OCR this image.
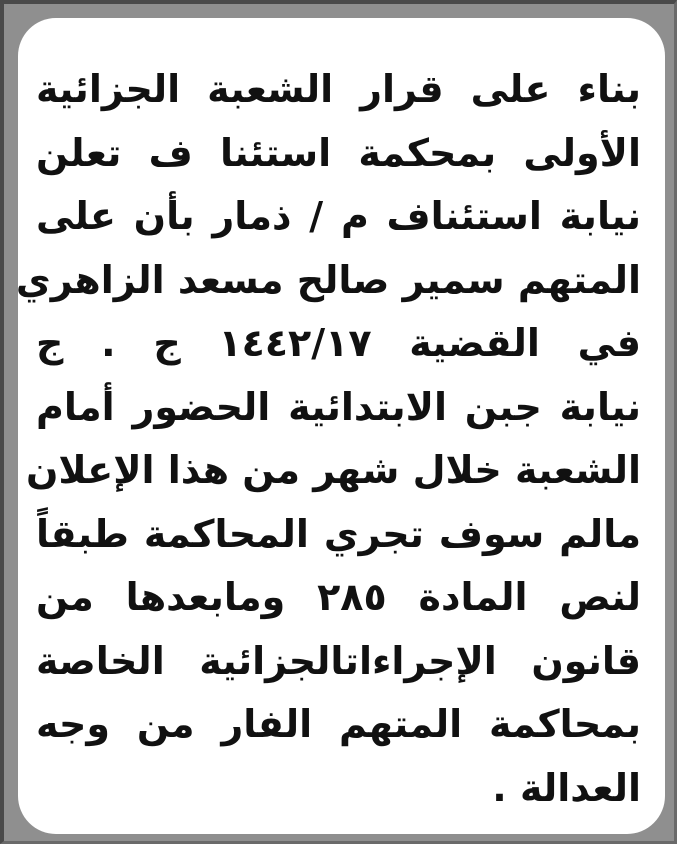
بناء على قرار الشعبة الجزائية
الأولى بمحكمة استئنا ف تعلن
نيابة استئناف م / ذمار بأن على
المتهم سمير صالح مسعد الزاهري
في القضية ١٤٤٢/١٧ ج . ج
نيابة جبن الابتدائية الحضور أمام
الشعبة خلال شهر من هذا الإعلان
مالم سوف تجري المحاكمة طبقاً
لنص المادة ٢٨٥ ومابعدها من
قانون الإجراءاتالجزائية الخاصة
بمحاكمة المتهم الفار من وجه
العدالة .
